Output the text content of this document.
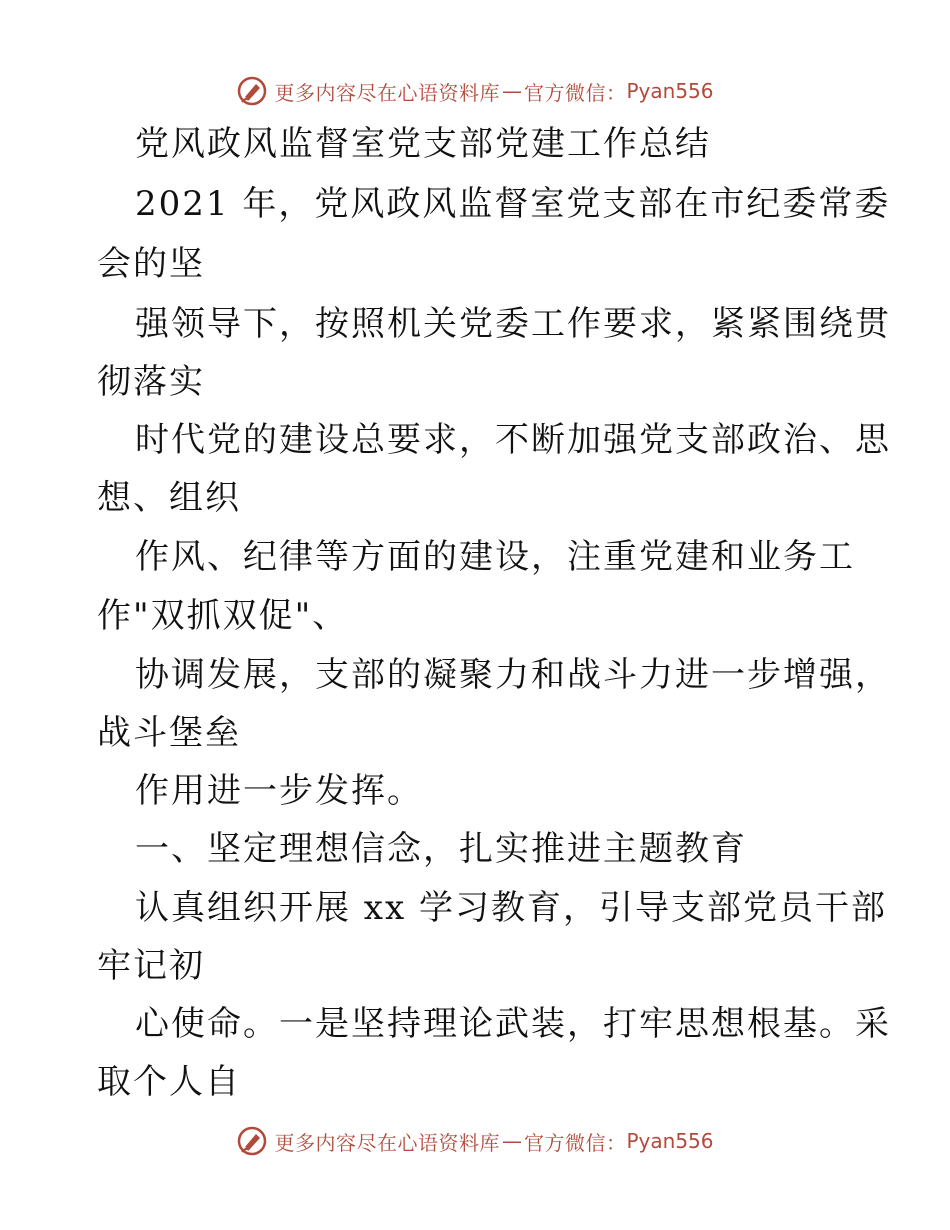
更多内容尽在心语资料库 — 官方微信： Pyan556
党风政风监督室党支部党建工作总结
2021 年，党风政风监督室党支部在市纪委常委
会的坚
强领导下，按照机关党委工作要求，紧紧围绕贯
彻落实
时代党的建设总要求，不断加强党支部政治、思
想、组织
作风、纪律等方面的建设，注重党建和业务工
作"双抓双促"、
协调发展，支部的凝聚力和战斗力进一步增强，
战斗堡垒
作用进一步发挥。
一、坚定理想信念，扎实推进主题教育
认真组织开展 xx 学习教育，引导支部党员干部
牢记初
心使命。一是坚持理论武装，打牢思想根基。采
取个人自
更多内容尽在心语资料库 — 官方微信： Pyan556
